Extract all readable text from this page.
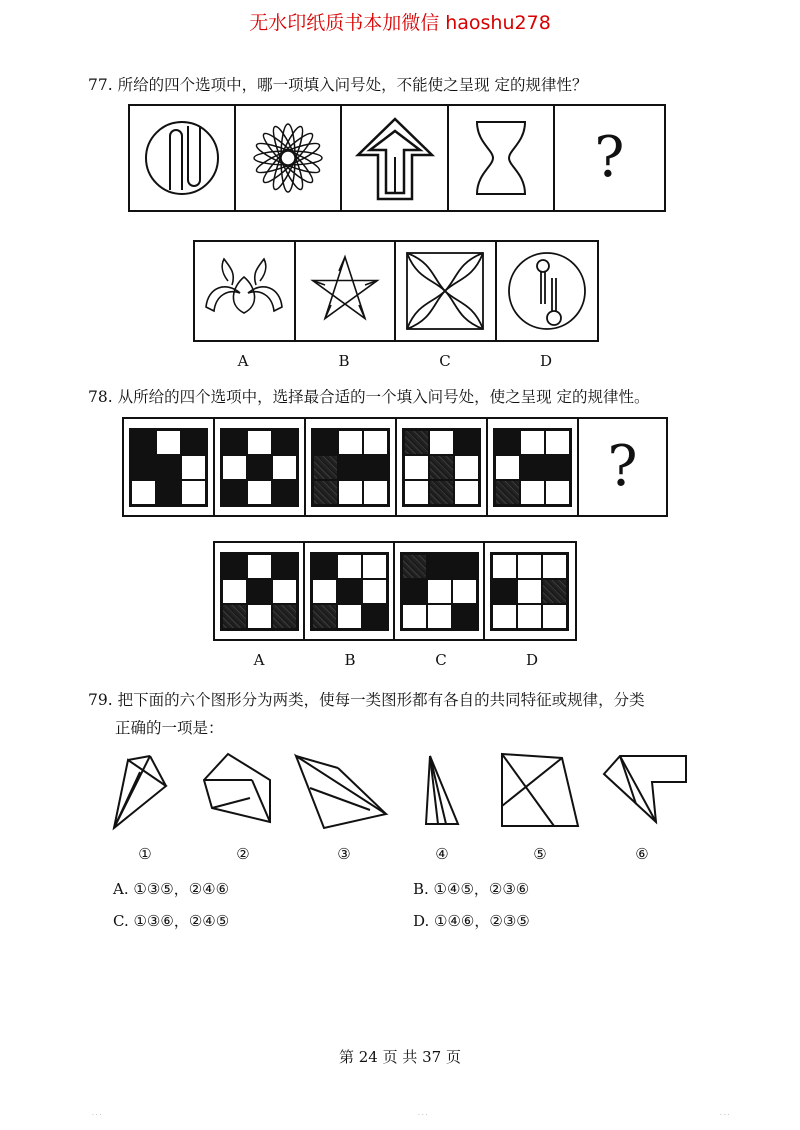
无水印纸质书本加微信 haoshu278
77. 所给的四个选项中，哪一项填入问号处，不能使之呈现 定的规律性？
?
A	B	C	D
78. 从所给的四个选项中，选择最合适的一个填入问号处，使之呈现 定的规律性。
?
A	B	C	D
79. 把下面的六个图形分为两类，使每一类图形都有各自的共同特征或规律，分类
正确的一项是：
①	②	③	④	⑤	⑥
A. ①③⑤，②④⑥	B. ①④⑤，②③⑥
C. ①③⑥，②④⑤	D. ①④⑥，②③⑤
第 24 页 共 37 页
· · ·	· · ·	· · ·
